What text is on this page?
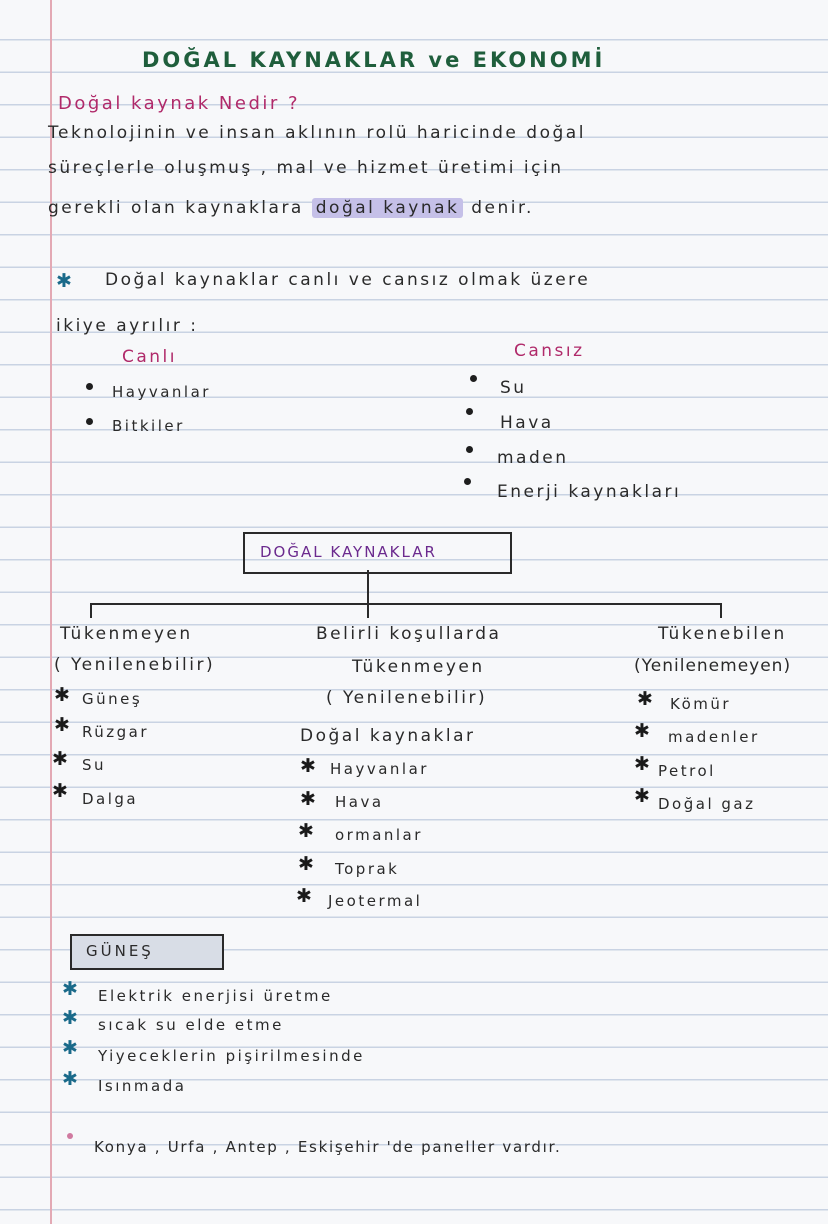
DOĞAL KAYNAKLAR ve EKONOMİ
Doğal kaynak Nedir ?
Teknolojinin ve insan aklının rolü haricinde doğal
süreçlerle oluşmuş , mal ve hizmet üretimi için
gerekli olan kaynaklara doğal kaynak denir.
✱ Doğal kaynaklar canlı ve cansız olmak üzere
ikiye ayrılır :
Canlı
Hayvanlar
Bitkiler
Cansız
Su
Hava
maden
Enerji kaynakları
DOĞAL KAYNAKLAR
Tükenmeyen
( Yenilenebilir)
✱ Güneş
✱ Rüzgar
✱ Su
✱ Dalga
Belirli koşullarda
Tükenmeyen
( Yenilenebilir)
Doğal kaynaklar
✱ Hayvanlar
✱ Hava
✱ ormanlar
✱ Toprak
✱ Jeotermal
Tükenebilen
(Yenilenemeyen)
✱ Kömür
✱ madenler
✱ Petrol
✱ Doğal gaz
GÜNEŞ
✱ Elektrik enerjisi üretme
✱ sıcak su elde etme
✱ Yiyeceklerin pişirilmesinde
✱ Isınmada
Konya , Urfa , Antep , Eskişehir 'de paneller vardır.
